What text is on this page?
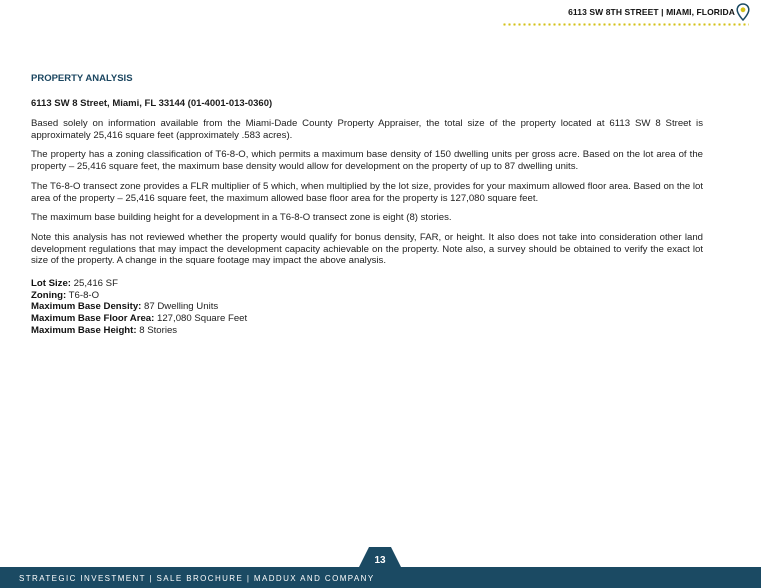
6113 SW 8TH STREET | MIAMI, FLORIDA
PROPERTY ANALYSIS
6113 SW 8 Street, Miami, FL 33144 (01-4001-013-0360)

Based solely on information available from the Miami-Dade County Property Appraiser, the total size of the property located at 6113 SW 8 Street is approximately 25,416 square feet (approximately .583 acres).

The property has a zoning classification of T6-8-O, which permits a maximum base density of 150 dwelling units per gross acre. Based on the lot area of the property – 25,416 square feet, the maximum base density would allow for development on the property of up to 87 dwelling units.

The T6-8-O transect zone provides a FLR multiplier of 5 which, when multiplied by the lot size, provides for your maximum allowed floor area. Based on the lot area of the property – 25,416 square feet, the maximum allowed base floor area for the property is 127,080 square feet.

The maximum base building height for a development in a T6-8-O transect zone is eight (8) stories.

Note this analysis has not reviewed whether the property would qualify for bonus density, FAR, or height. It also does not take into consideration other land development regulations that may impact the development capacity achievable on the property. Note also, a survey should be obtained to verify the exact lot size of the property. A change in the square footage may impact the above analysis.

Lot Size: 25,416 SF
Zoning: T6-8-O
Maximum Base Density: 87 Dwelling Units
Maximum Base Floor Area: 127,080 Square Feet
Maximum Base Height: 8 Stories
13
STRATEGIC INVESTMENT | SALE BROCHURE | MADDUX AND COMPANY
